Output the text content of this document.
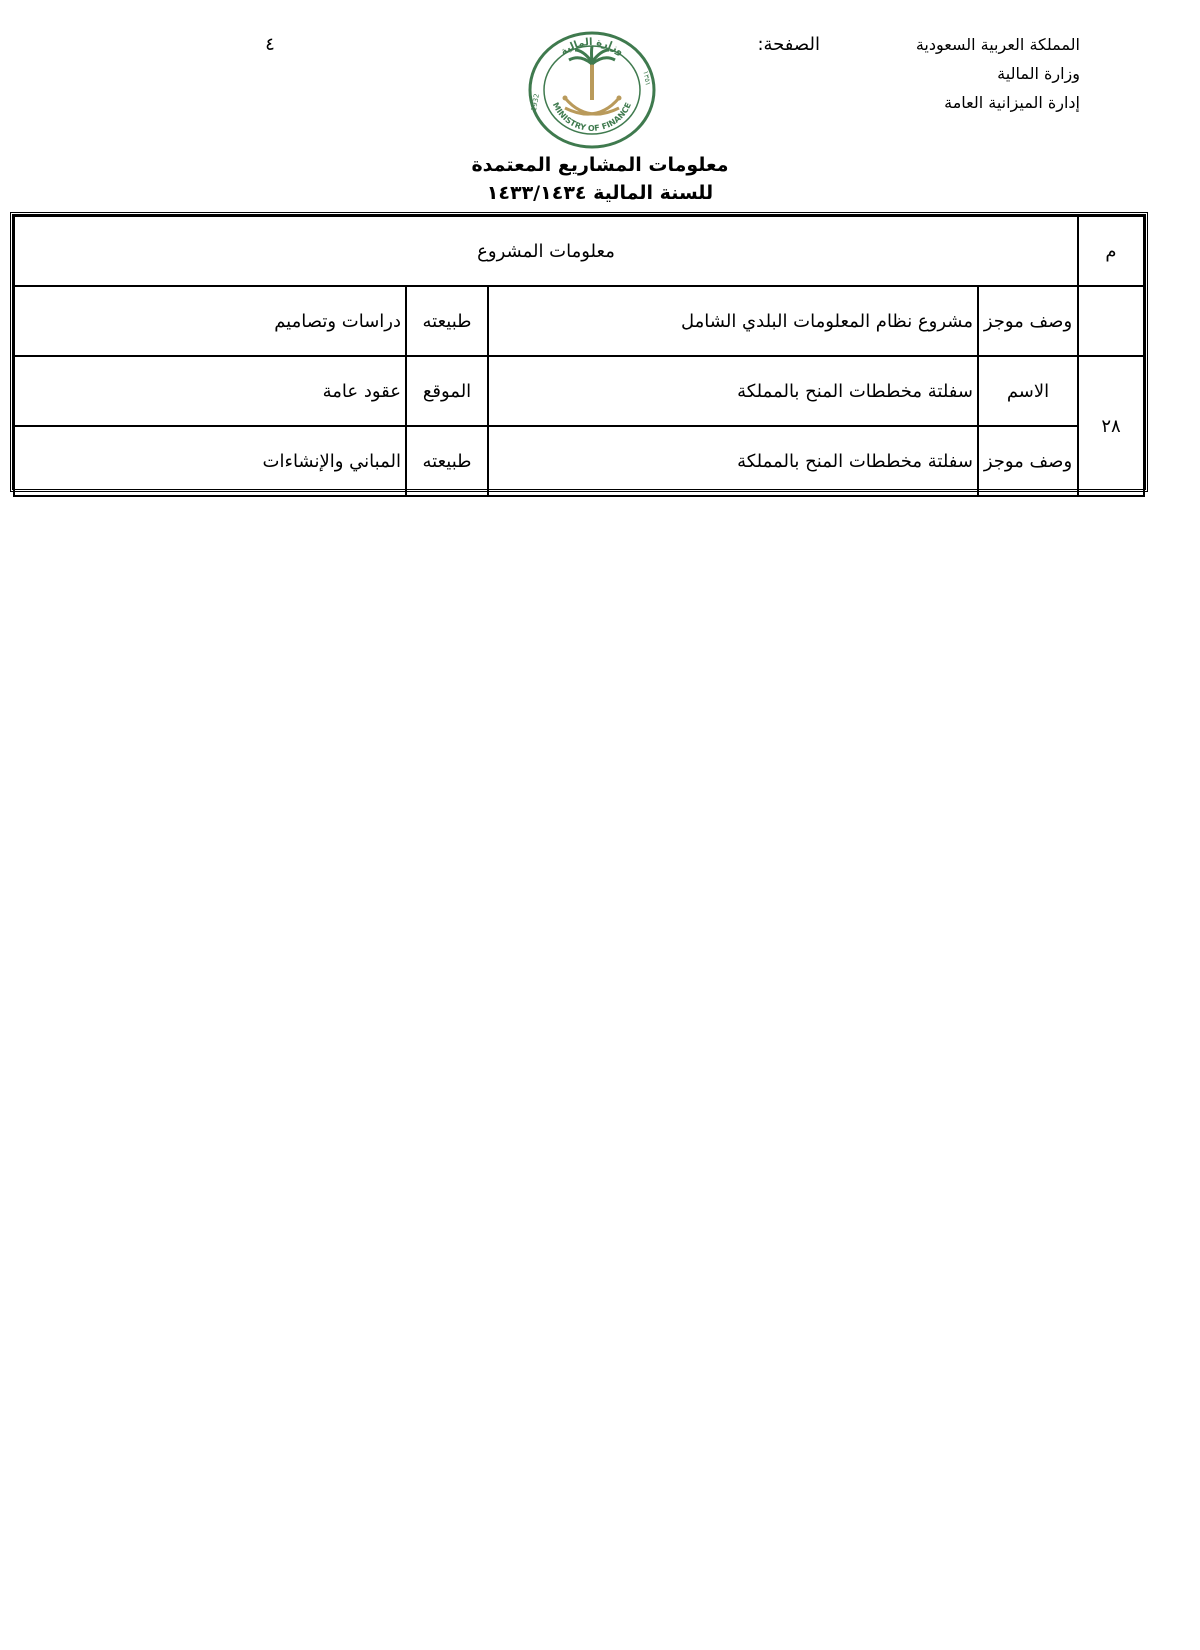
المملكة العربية السعودية
وزارة المالية
إدارة الميزانية العامة
الصفحة:
٤	وزارة المالية
MINISTRY OF FINANCE
1932
١٣٥١
معلومات المشاريع المعتمدة
للسنة المالية ١٤٣٣/١٤٣٤
م	معلومات المشروع			
	وصف موجز	مشروع نظام المعلومات البلدي الشامل	طبيعته	دراسات وتصاميم
٢٨	الاسم	سفلتة مخططات المنح بالمملكة	الموقع	عقود عامة
	وصف موجز	سفلتة مخططات المنح بالمملكة	طبيعته	المباني والإنشاءات
